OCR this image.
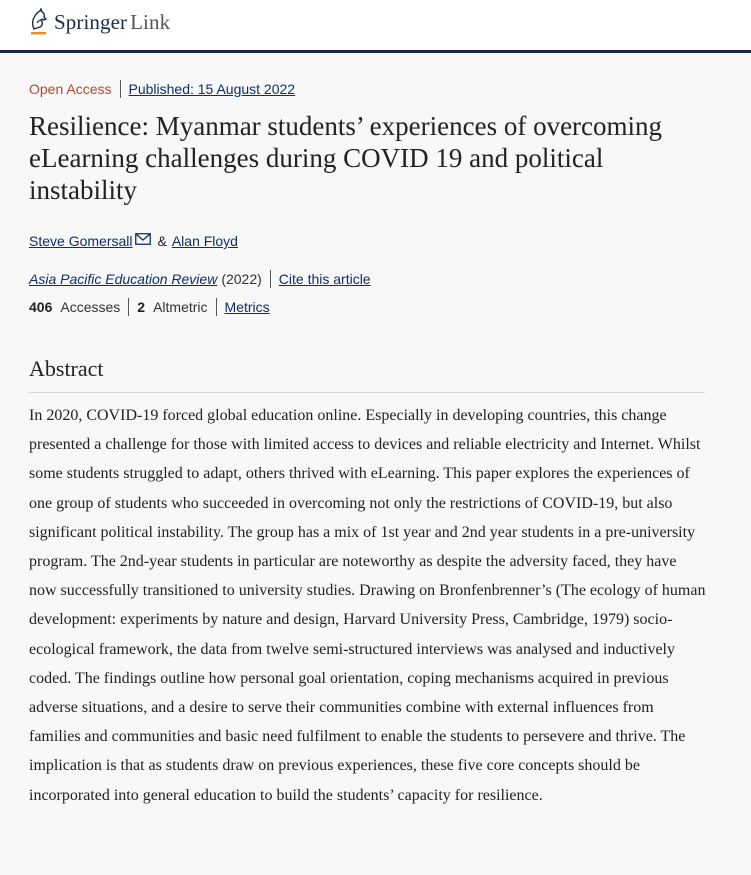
Springer Link
Open Access Published: 15 August 2022
Resilience: Myanmar students’ experiences of overcoming eLearning challenges during COVID 19 and political instability
Steve Gomersall & Alan Floyd
Asia Pacific Education Review (2022) Cite this article
406 Accesses 2 Altmetric Metrics
Abstract

In 2020, COVID-19 forced global education online. Especially in developing countries, this change presented a challenge for those with limited access to devices and reliable electricity and Internet. Whilst some students struggled to adapt, others thrived with eLearning. This paper explores the experiences of one group of students who succeeded in overcoming not only the restrictions of COVID-19, but also significant political instability. The group has a mix of 1st year and 2nd year students in a pre-university program. The 2nd-year students in particular are noteworthy as despite the adversity faced, they have now successfully transitioned to university studies. Drawing on Bronfenbrenner’s (The ecology of human development: experiments by nature and design, Harvard University Press, Cambridge, 1979) socio-ecological framework, the data from twelve semi-structured interviews was analysed and inductively coded. The findings outline how personal goal orientation, coping mechanisms acquired in previous adverse situations, and a desire to serve their communities combine with external influences from families and communities and basic need fulfilment to enable the students to persevere and thrive. The implication is that as students draw on previous experiences, these five core concepts should be incorporated into general education to build the students’ capacity for resilience.
